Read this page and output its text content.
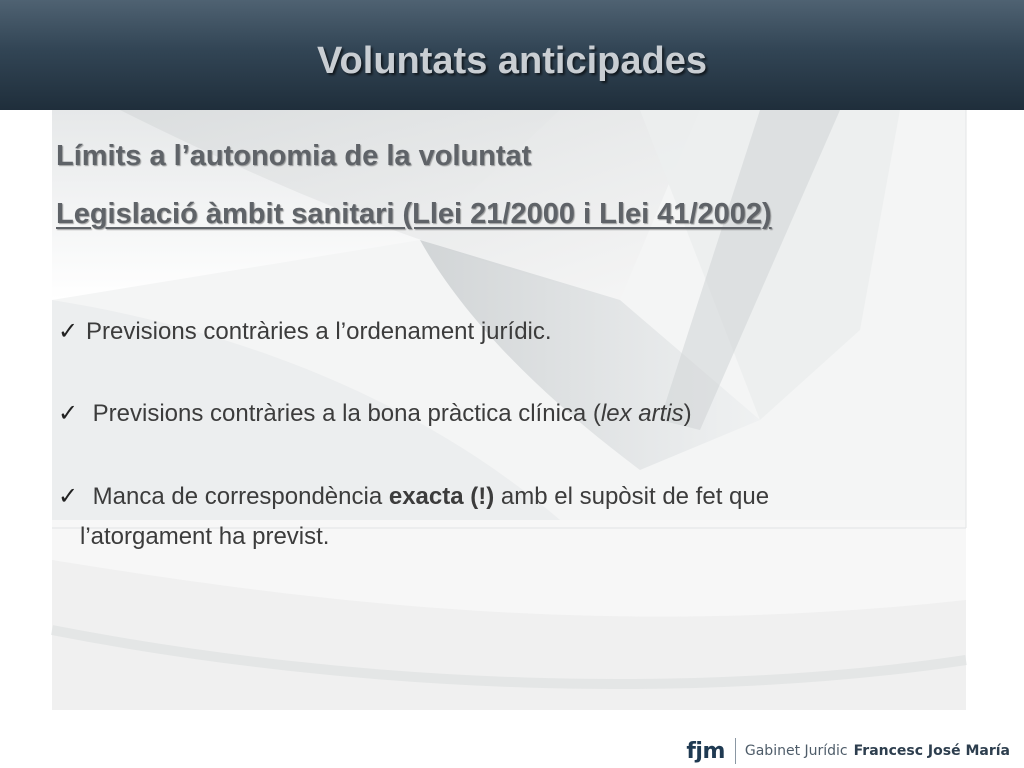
Voluntats anticipades
Límits a l’autonomia de la voluntat
Legislació àmbit sanitari (Llei 21/2000 i Llei 41/2002)
✓ Previsions contràries a l’ordenament jurídic.
✓ Previsions contràries a la bona pràctica clínica (lex artis)
✓ Manca de correspondència exacta (!) amb el supòsit de fet que
l’atorgament ha previst.
fjm Gabinet Jurídic Francesc José María
